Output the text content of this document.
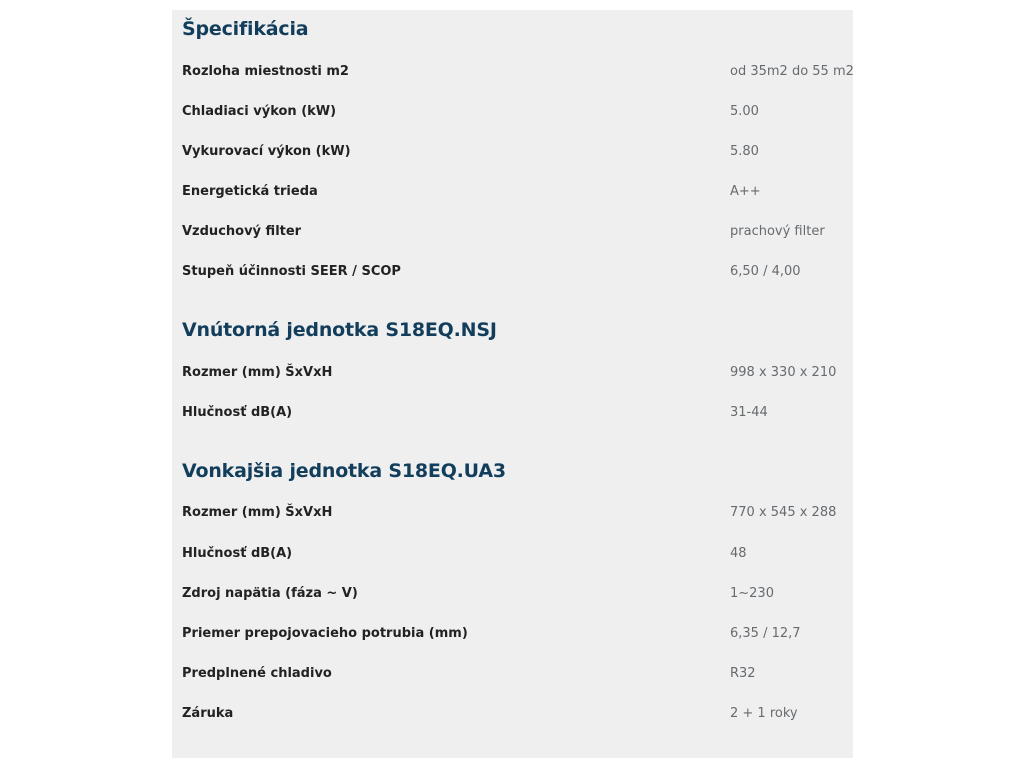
Špecifikácia
Rozloha miestnosti m2	od 35m2 do 55 m2
Chladiaci výkon (kW)	5.00
Vykurovací výkon (kW)	5.80
Energetická trieda	A++
Vzduchový filter	prachový filter
Stupeň účinnosti SEER / SCOP	6,50 / 4,00
Vnútorná jednotka S18EQ.NSJ
Rozmer (mm) ŠxVxH	998 x 330 x 210
Hlučnosť dB(A)	31-44
Vonkajšia jednotka S18EQ.UA3
Rozmer (mm) ŠxVxH	770 x 545 x 288
Hlučnosť dB(A)	48
Zdroj napätia (fáza ~ V)	1~230
Priemer prepojovacieho potrubia (mm)	6,35 / 12,7
Predplnené chladivo	R32
Záruka	2 + 1 roky
